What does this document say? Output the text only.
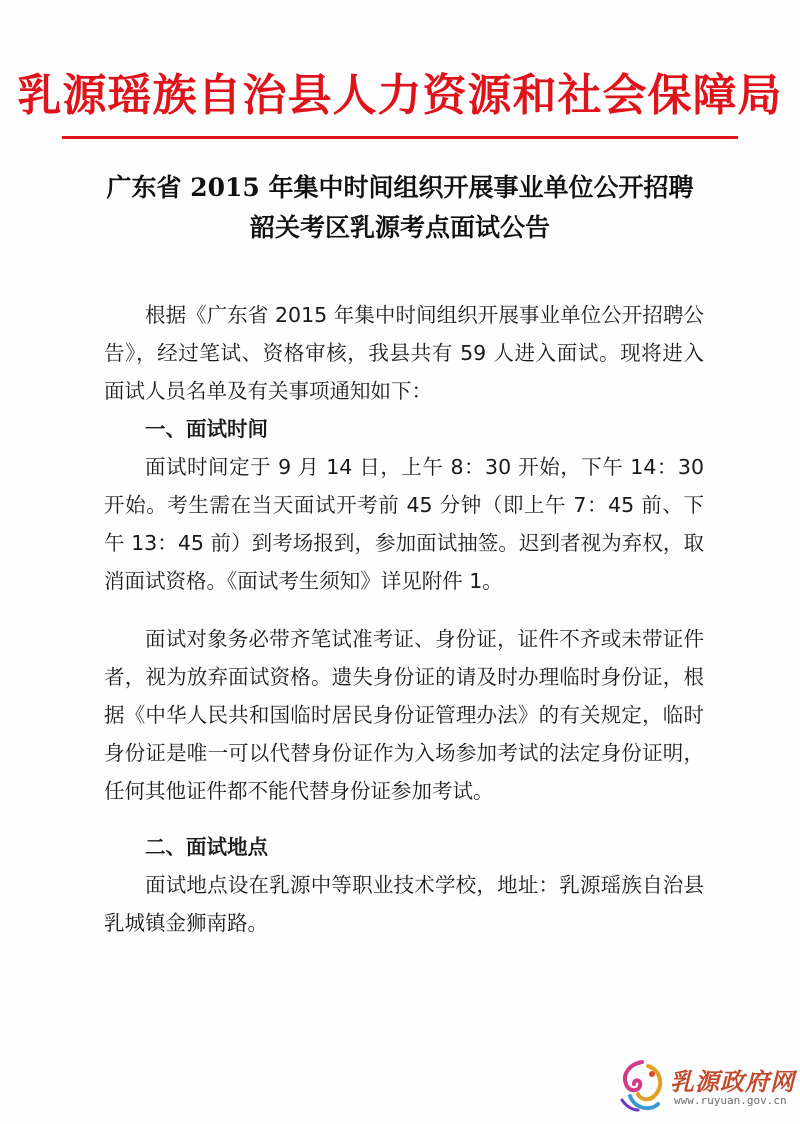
乳源瑶族自治县人力资源和社会保障局
广东省 2015 年集中时间组织开展事业单位公开招聘
韶关考区乳源考点面试公告

根据《广东省 2015 年集中时间组织开展事业单位公开招聘公告》，经过笔试、资格审核，我县共有 59 人进入面试。现将进入面试人员名单及有关事项通知如下：

一、面试时间

面试时间定于 9 月 14 日，上午 8：30 开始，下午 14：30 开始。考生需在当天面试开考前 45 分钟（即上午 7：45 前、下午 13：45 前）到考场报到，参加面试抽签。迟到者视为弃权，取消面试资格。《面试考生须知》详见附件 1。

面试对象务必带齐笔试准考证、身份证，证件不齐或未带证件者，视为放弃面试资格。遗失身份证的请及时办理临时身份证，根据《中华人民共和国临时居民身份证管理办法》的有关规定，临时身份证是唯一可以代替身份证作为入场参加考试的法定身份证明，任何其他证件都不能代替身份证参加考试。

二、面试地点

面试地点设在乳源中等职业技术学校，地址：乳源瑶族自治县乳城镇金狮南路。

乳源政府网
www.ruyuan.gov.cn
